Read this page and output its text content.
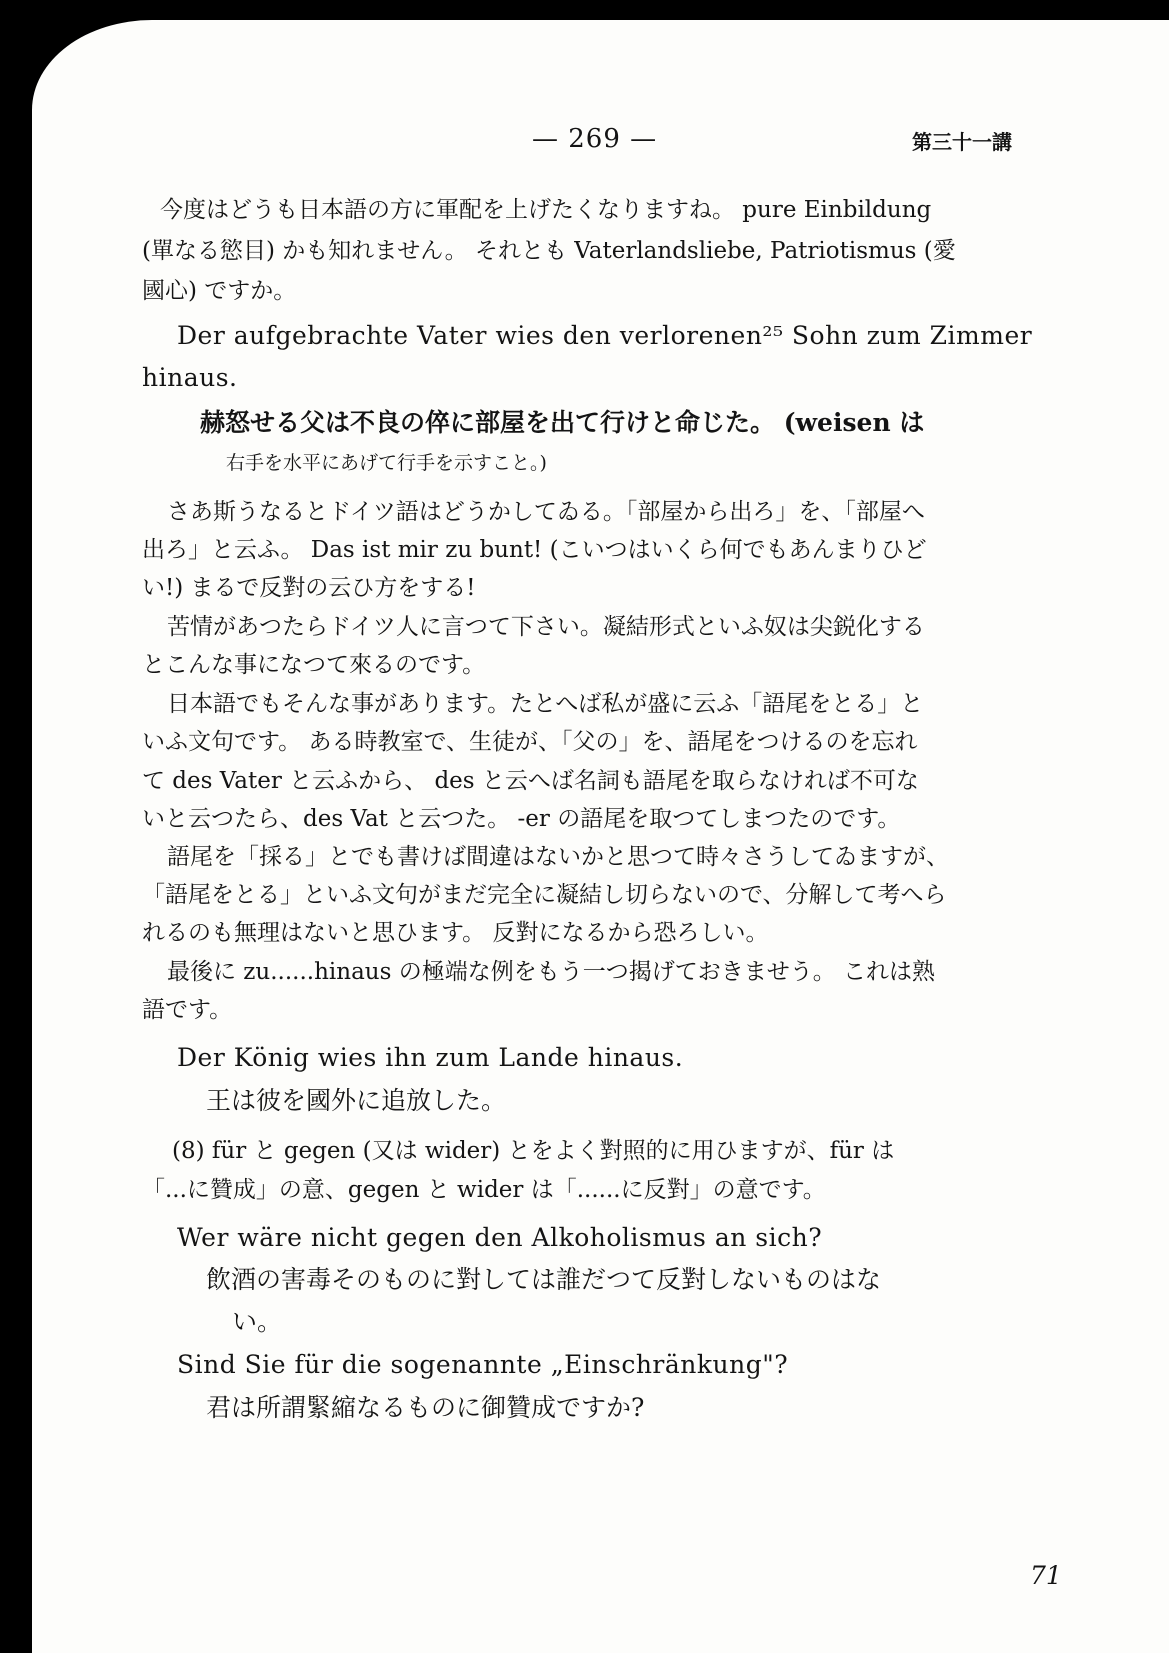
— 269 —	第三十一講
今度はどうも日本語の方に軍配を上げたくなりますね。 pure Einbildung
(單なる慾目) かも知れません。 それとも Vaterlandsliebe, Patriotismus (愛
國心) ですか。
Der aufgebrachte Vater wies den verlorenen²⁵ Sohn zum Zimmer
hinaus.
赫怒せる父は不良の倅に部屋を出て行けと命じた。 (weisen は
右手を水平にあげて行手を示すこと。)
さあ斯うなるとドイツ語はどうかしてゐる。「部屋から出ろ」を、「部屋へ
出ろ」と云ふ。 Das ist mir zu bunt! (こいつはいくら何でもあんまりひど
い!) まるで反對の云ひ方をする!
苦情があつたらドイツ人に言つて下さい。凝結形式といふ奴は尖鋭化する
とこんな事になつて來るのです。
日本語でもそんな事があります。たとへば私が盛に云ふ「語尾をとる」と
いふ文句です。 ある時教室で、生徒が、「父の」を、語尾をつけるのを忘れ
て des Vater と云ふから、 des と云へば名詞も語尾を取らなければ不可な
いと云つたら、des Vat と云つた。 -er の語尾を取つてしまつたのです。
語尾を「採る」とでも書けば間違はないかと思つて時々さうしてゐますが、
「語尾をとる」といふ文句がまだ完全に凝結し切らないので、分解して考へら
れるのも無理はないと思ひます。 反對になるから恐ろしい。
最後に zu......hinaus の極端な例をもう一つ揭げておきませう。 これは熟
語です。
Der König wies ihn zum Lande hinaus.
王は彼を國外に追放した。
(8) für と gegen (又は wider) とをよく對照的に用ひますが、für は
「...に贊成」の意、gegen と wider は「......に反對」の意です。
Wer wäre nicht gegen den Alkoholismus an sich?
飲酒の害毒そのものに對しては誰だつて反對しないものはな
い。
Sind Sie für die sogenannte „Einschränkung"?
君は所謂緊縮なるものに御贊成ですか?
71
